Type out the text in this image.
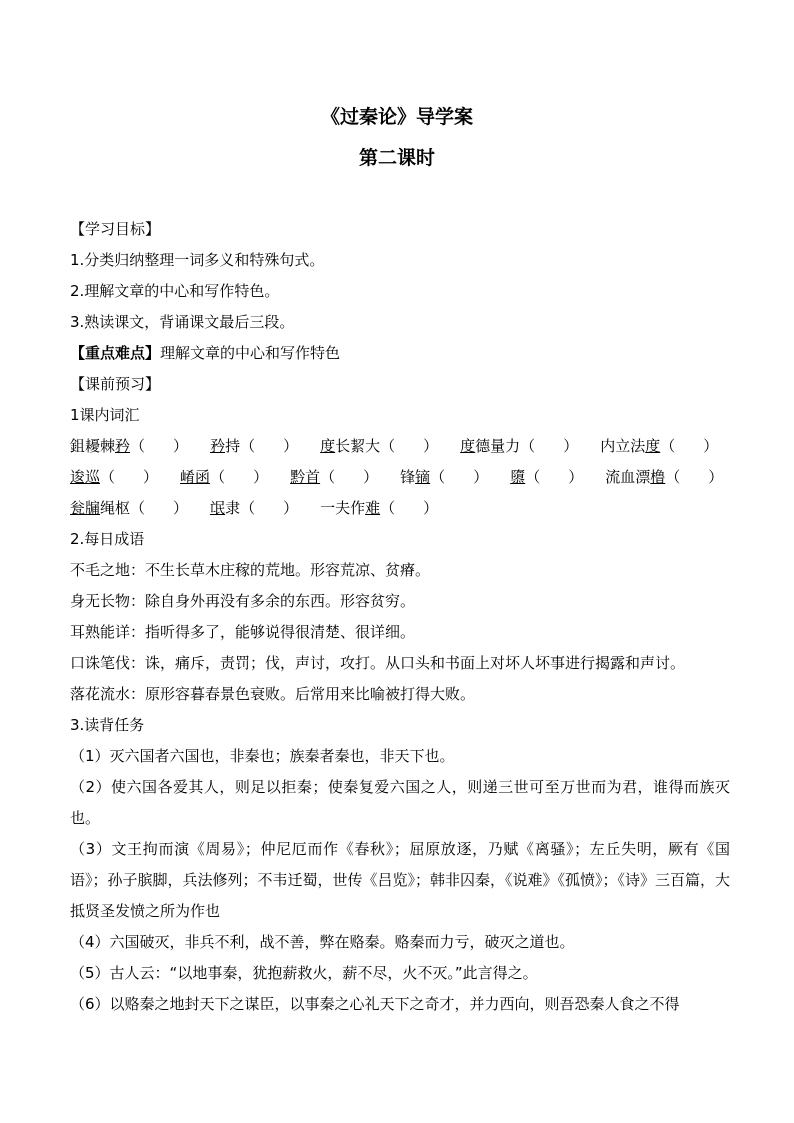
《过秦论》导学案
第二课时
【学习目标】
1.分类归纳整理一词多义和特殊句式。
2.理解文章的中心和写作特色。
3.熟读课文，背诵课文最后三段。
【重点难点】理解文章的中心和写作特色
【课前预习】
1课内词汇
鉏耰棘矜（ ） 矜持（ ） 度长絜大（ ） 度德量力（ ） 内立法度（ ）
逡巡（ ） 崤函（ ） 黔首（ ） 锋镝（ ） 隳（ ） 流血漂橹（ ）
瓮牖绳枢（ ） 氓隶（ ） 一夫作难（ ）
2.每日成语
不毛之地：不生长草木庄稼的荒地。形容荒凉、贫瘠。
身无长物：除自身外再没有多余的东西。形容贫穷。
耳熟能详：指听得多了，能够说得很清楚、很详细。
口诛笔伐：诛，痛斥，责罚；伐，声讨，攻打。从口头和书面上对坏人坏事进行揭露和声讨。
落花流水：原形容暮春景色衰败。后常用来比喻被打得大败。
3.读背任务
（1）灭六国者六国也，非秦也；族秦者秦也，非天下也。
（2）使六国各爱其人，则足以拒秦；使秦复爱六国之人，则递三世可至万世而为君，谁得而族灭也。
（3）文王拘而演《周易》；仲尼厄而作《春秋》；屈原放逐，乃赋《离骚》；左丘失明，厥有《国语》；孙子膑脚，兵法修列；不韦迁蜀，世传《吕览》；韩非囚秦，《说难》《孤愤》；《诗》三百篇，大抵贤圣发愤之所为作也
（4）六国破灭，非兵不利，战不善，弊在赂秦。赂秦而力亏，破灭之道也。
（5）古人云：“以地事秦，犹抱薪救火，薪不尽，火不灭。”此言得之。
（6）以赂秦之地封天下之谋臣，以事秦之心礼天下之奇才，并力西向，则吾恐秦人食之不得
